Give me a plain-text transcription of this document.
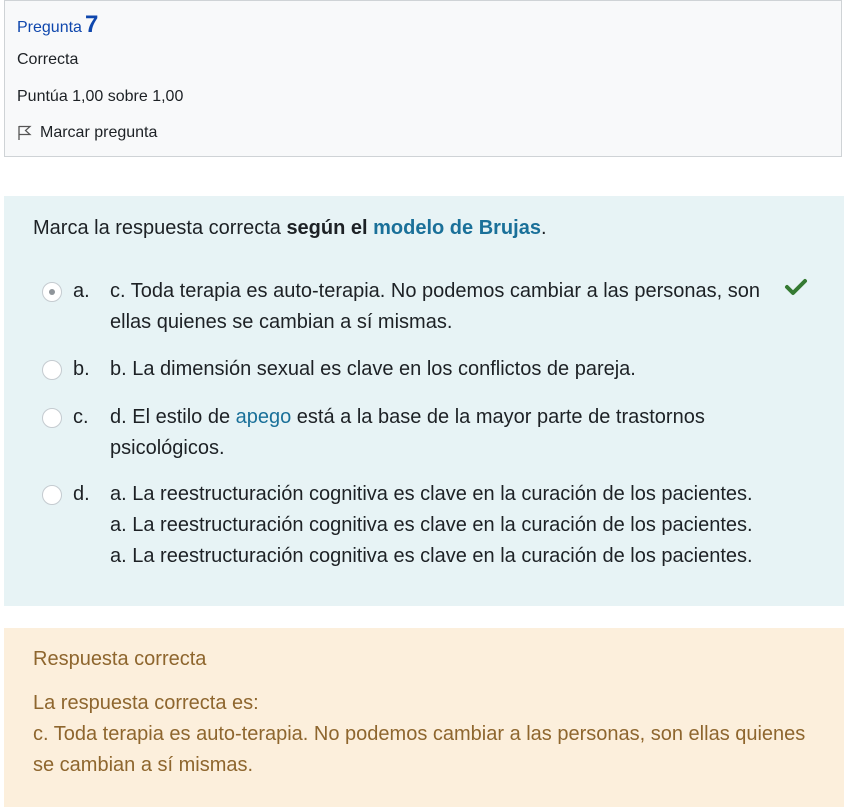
Pregunta 7
Correcta
Puntúa 1,00 sobre 1,00
Marcar pregunta
Marca la respuesta correcta según el modelo de Brujas.
a.	c. Toda terapia es auto-terapia. No podemos cambiar a las personas, son ellas quienes se cambian a sí mismas.
b.	b. La dimensión sexual es clave en los conflictos de pareja.
c.	d. El estilo de apego está a la base de la mayor parte de trastornos psicológicos.
d.	a. La reestructuración cognitiva es clave en la curación de los pacientes.
a. La reestructuración cognitiva es clave en la curación de los pacientes.
a. La reestructuración cognitiva es clave en la curación de los pacientes.
Respuesta correcta
La respuesta correcta es:
c. Toda terapia es auto-terapia. No podemos cambiar a las personas, son ellas quienes se cambian a sí mismas.
